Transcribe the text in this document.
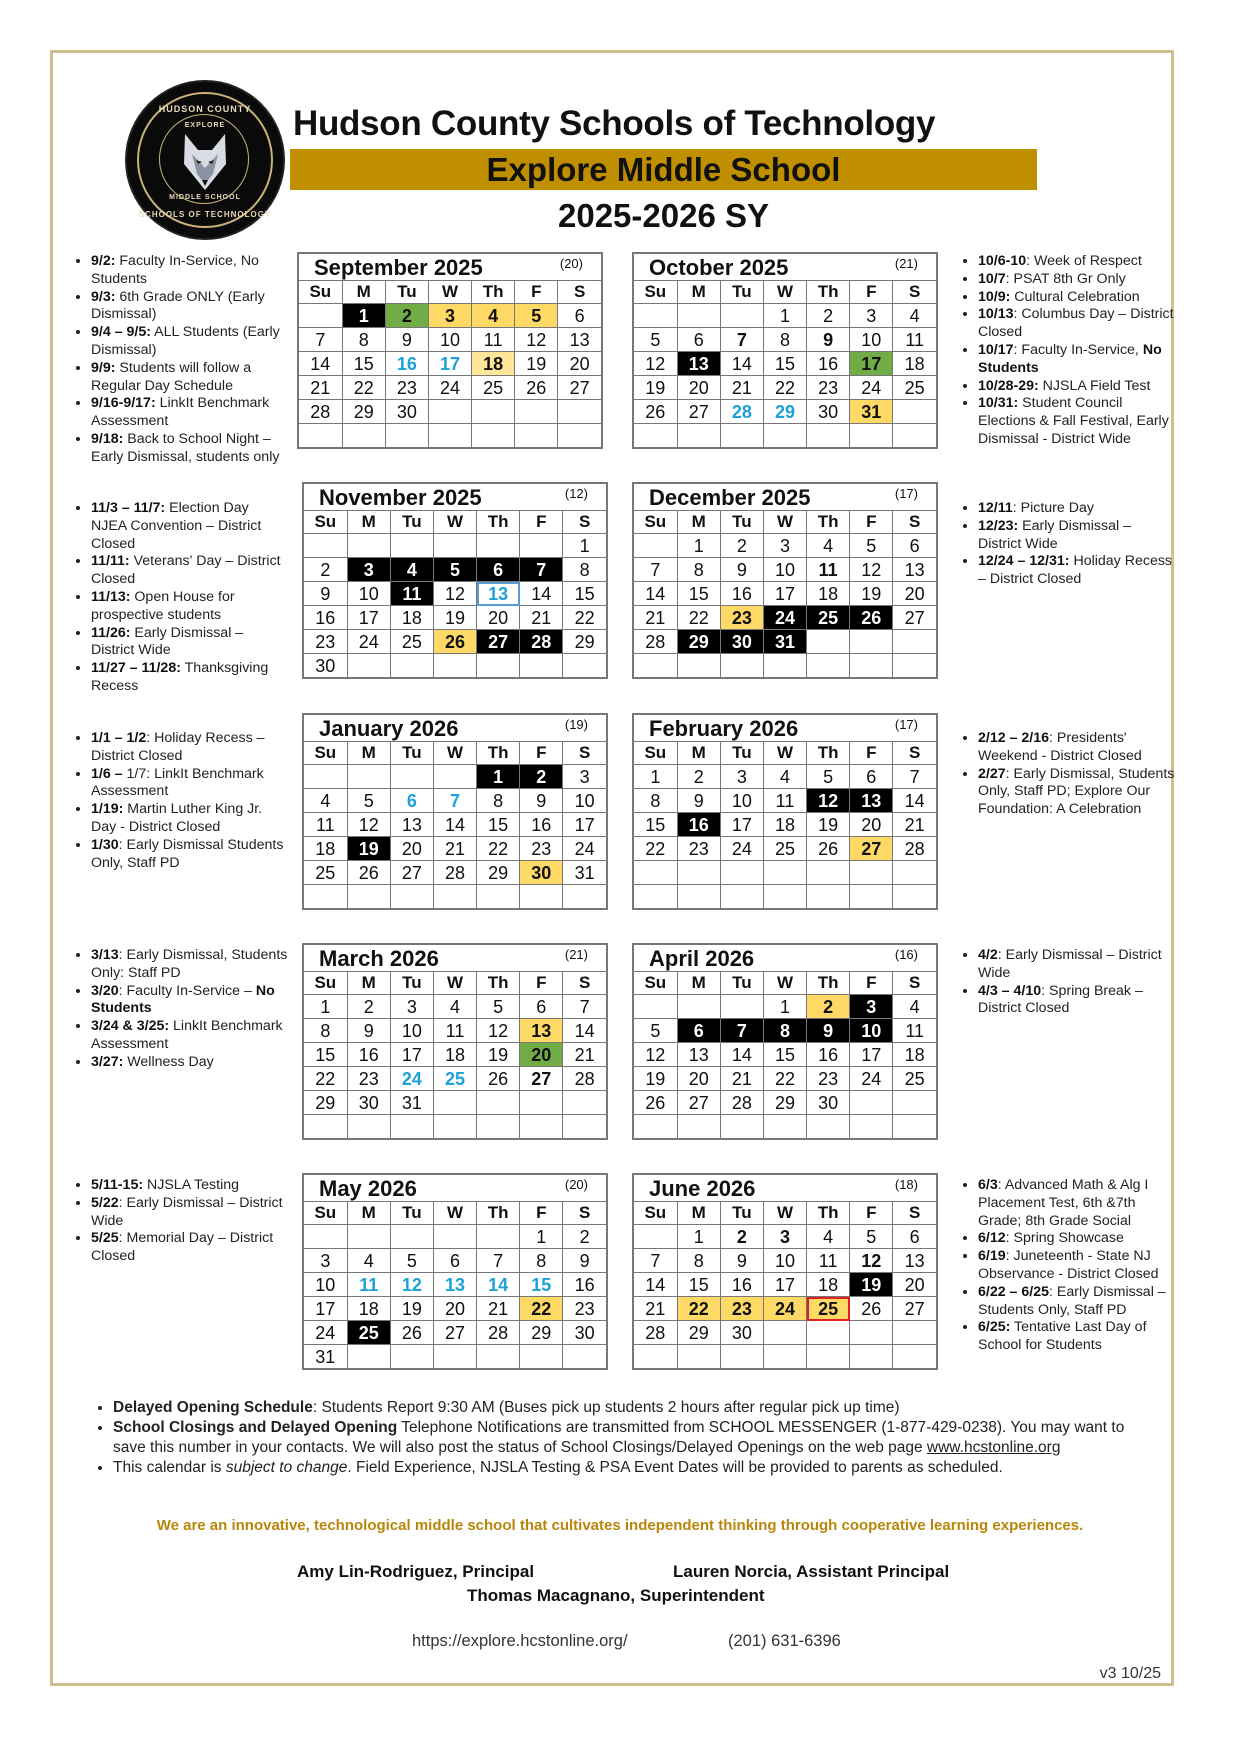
HUDSON COUNTY
EXPLORE
MIDDLE SCHOOL
SCHOOLS OF TECHNOLOGY
Hudson County Schools of Technology
Explore Middle School
2025-2026 SY
• 9/2: Faculty In-Service, No Students
• 9/3: 6th Grade ONLY (Early Dismissal)
• 9/4 – 9/5: ALL Students (Early Dismissal)
• 9/9: Students will follow a Regular Day Schedule
• 9/16-9/17: LinkIt Benchmark Assessment
• 9/18: Back to School Night – Early Dismissal, students only
• 10/6-10: Week of Respect
• 10/7: PSAT 8th Gr Only
• 10/9: Cultural Celebration
• 10/13: Columbus Day – District Closed
• 10/17: Faculty In-Service, No Students
• 10/28-29: NJSLA Field Test
• 10/31: Student Council Elections & Fall Festival, Early Dismissal - District Wide
• 11/3 – 11/7: Election Day NJEA Convention – District Closed
• 11/11: Veterans' Day – District Closed
• 11/13: Open House for prospective students
• 11/26: Early Dismissal – District Wide
• 11/27 – 11/28: Thanksgiving Recess
• 12/11: Picture Day
• 12/23: Early Dismissal – District Wide
• 12/24 – 12/31: Holiday Recess – District Closed
• 1/1 – 1/2: Holiday Recess – District Closed
• 1/6 – 1/7: LinkIt Benchmark Assessment
• 1/19: Martin Luther King Jr. Day - District Closed
• 1/30: Early Dismissal Students Only, Staff PD
• 2/12 – 2/16: Presidents' Weekend - District Closed
• 2/27: Early Dismissal, Students Only, Staff PD; Explore Our Foundation: A Celebration
• 3/13: Early Dismissal, Students Only: Staff PD
• 3/20: Faculty In-Service – No Students
• 3/24 & 3/25: LinkIt Benchmark Assessment
• 3/27: Wellness Day
• 4/2: Early Dismissal – District Wide
• 4/3 – 4/10: Spring Break – District Closed
• 5/11-15: NJSLA Testing
• 5/22: Early Dismissal – District Wide
• 5/25: Memorial Day – District Closed
• 6/3: Advanced Math & Alg I Placement Test, 6th &7th Grade; 8th Grade Social
• 6/12: Spring Showcase
• 6/19: Juneteenth - State NJ Observance - District Closed
• 6/22 – 6/25: Early Dismissal – Students Only, Staff PD
• 6/25: Tentative Last Day of School for Students
September 2025	(20)
Su	M	Tu	W	Th	F	S
	1	2	3	4	5	6
7	8	9	10	11	12	13
14	15	16	17	18	19	20
21	22	23	24	25	26	27
28	29	30				

October 2025	(21)
Su	M	Tu	W	Th	F	S
			1	2	3	4
5	6	7	8	9	10	11
12	13	14	15	16	17	18
19	20	21	22	23	24	25
26	27	28	29	30	31	

November 2025	(12)
Su	M	Tu	W	Th	F	S
						1
2	3	4	5	6	7	8
9	10	11	12	13	14	15
16	17	18	19	20	21	22
23	24	25	26	27	28	29
30						
December 2025	(17)
Su	M	Tu	W	Th	F	S
	1	2	3	4	5	6
7	8	9	10	11	12	13
14	15	16	17	18	19	20
21	22	23	24	25	26	27
28	29	30	31			

January 2026	(19)
Su	M	Tu	W	Th	F	S
				1	2	3
4	5	6	7	8	9	10
11	12	13	14	15	16	17
18	19	20	21	22	23	24
25	26	27	28	29	30	31

February 2026	(17)
Su	M	Tu	W	Th	F	S
1	2	3	4	5	6	7
8	9	10	11	12	13	14
15	16	17	18	19	20	21
22	23	24	25	26	27	28

March 2026	(21)
Su	M	Tu	W	Th	F	S
1	2	3	4	5	6	7
8	9	10	11	12	13	14
15	16	17	18	19	20	21
22	23	24	25	26	27	28
29	30	31				

April 2026	(16)
Su	M	Tu	W	Th	F	S
			1	2	3	4
5	6	7	8	9	10	11
12	13	14	15	16	17	18
19	20	21	22	23	24	25
26	27	28	29	30		

May 2026	(20)
Su	M	Tu	W	Th	F	S
					1	2
3	4	5	6	7	8	9
10	11	12	13	14	15	16
17	18	19	20	21	22	23
24	25	26	27	28	29	30
31						
June 2026	(18)
Su	M	Tu	W	Th	F	S
	1	2	3	4	5	6
7	8	9	10	11	12	13
14	15	16	17	18	19	20
21	22	23	24	25	26	27
28	29	30				

• Delayed Opening Schedule: Students Report 9:30 AM (Buses pick up students 2 hours after regular pick up time)
• School Closings and Delayed Opening Telephone Notifications are transmitted from SCHOOL MESSENGER (1-877-429-0238). You may want to save this number in your contacts. We will also post the status of School Closings/Delayed Openings on the web page www.hcstonline.org
• This calendar is subject to change. Field Experience, NJSLA Testing & PSA Event Dates will be provided to parents as scheduled.
We are an innovative, technological middle school that cultivates independent thinking through cooperative learning experiences.
Amy Lin-Rodriguez, Principal	Lauren Norcia, Assistant Principal
Thomas Macagnano, Superintendent
https://explore.hcstonline.org/	(201) 631-6396
v3 10/25
